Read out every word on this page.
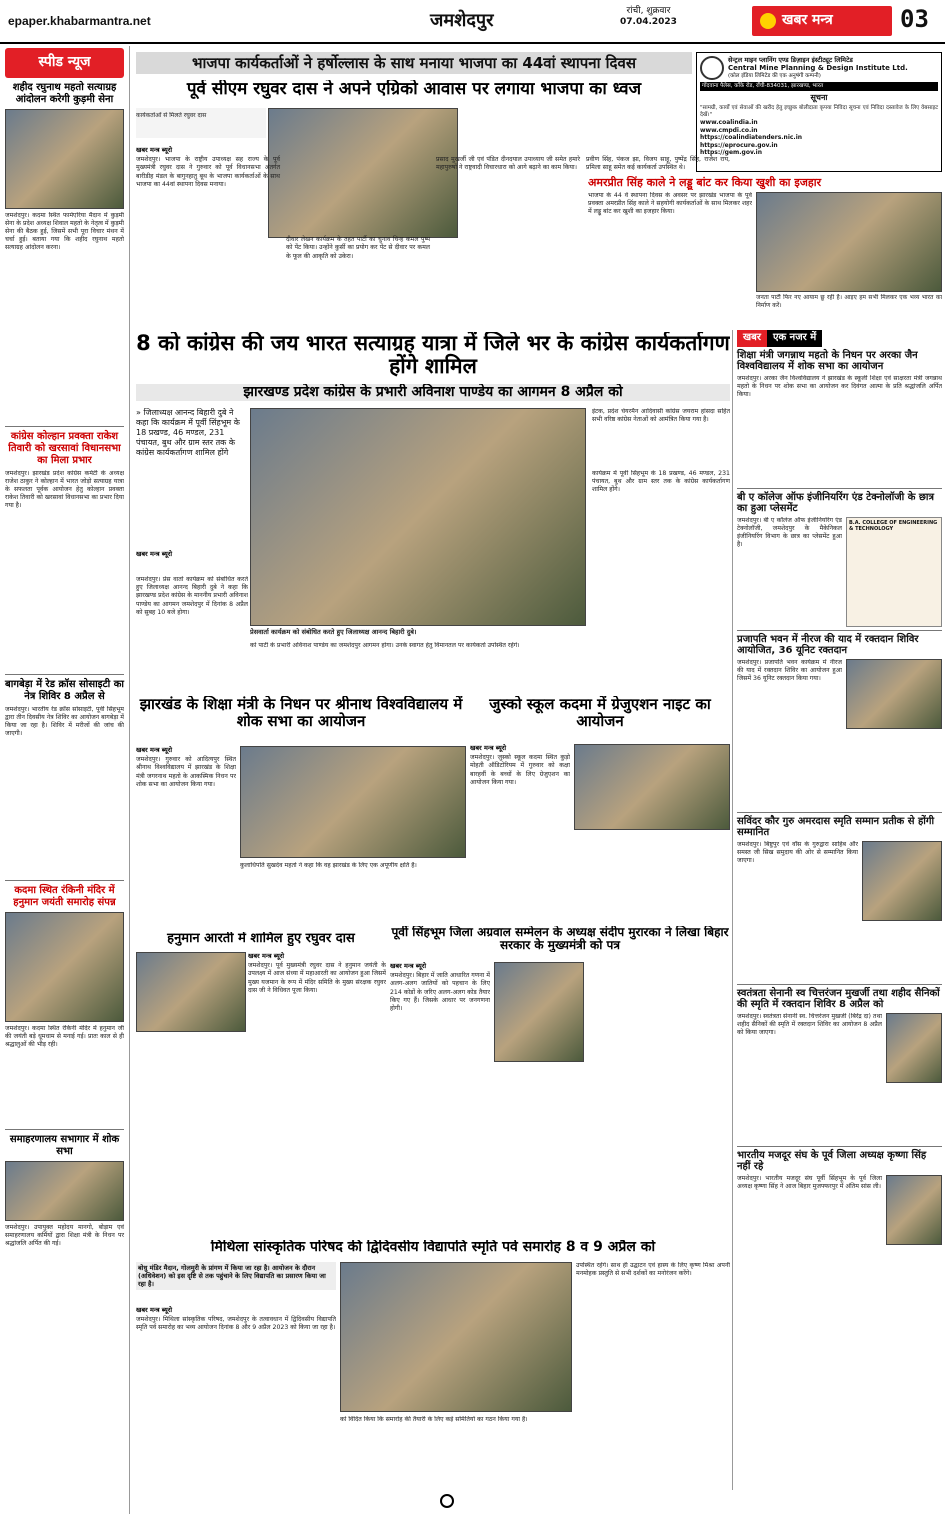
epaper.khabarmantra.net	जमशेदपुर	रांची, शुक्रवार
07.04.2023	खबर मन्त्र	03
स्पीड न्यूज
शहीद रघुनाथ महतो सत्याग्रह आंदोलन करेगी कुड़मी सेना
जमशेदपुर। कदमा स्थित फार्मएरिया मैदान में कुड़मी सेना के प्रदेश अध्यक्ष शिवाल महतो के नेतृत्व में कुड़मी सेना की बैठक हुई, जिसमें सभी पूरा विचार मंथन में चर्चा हुई। बताया गया कि शहीद रघुनाथ महतो सत्याग्रह आंदोलन करना।
कांग्रेस कोल्हान प्रवक्ता राकेश तिवारी को खरसावां विधानसभा का मिला प्रभार
जमशेदपुर। झारखंड प्रदेश कांग्रेस कमेटी के अध्यक्ष राजेश ठाकुर ने कोल्हान में भारत जोड़ो सत्याग्रह यात्रा के सफलता पूर्वक आयोजन हेतु कोल्हान प्रवक्ता राकेश तिवारी को खरसावां विधानसभा का प्रभार दिया गया है।
बागबेड़ा में रेड क्रॉस सोसाइटी का नेत्र शिविर 8 अप्रैल से
जमशेदपुर। भारतीय रेड क्रॉस सोसाइटी, पूर्वी सिंहभूम द्वारा तीन दिवसीय नेत्र शिविर का आयोजन बागबेड़ा में किया जा रहा है। शिविर में मरीजों की जांच की जाएगी।
कदमा स्थित रंकिनी मंदिर में हनुमान जयंती समारोह संपन्न
जमशेदपुर। कदमा स्थित रंकिनी मंदिर में हनुमान जी की जयंती बड़े धूमधाम से मनाई गई। प्रातः काल से ही श्रद्धालुओं की भीड़ रही।
समाहरणालय सभागार में शोक सभा
जमशेदपुर। उपायुक्त महोदय मानगो, बोड़ाम एवं समाहरणालय कर्मियों द्वारा शिक्षा मंत्री के निधन पर श्रद्धांजलि अर्पित की गई।
भाजपा कार्यकर्ताओं ने हर्षोल्लास के साथ मनाया भाजपा का 44वां स्थापना दिवस
पूर्व सीएम रघुवर दास ने अपने एग्रिको आवास पर लगाया भाजपा का ध्वज
कार्यकर्ताओं से मिलते रघुवर दास
खबर मन्त्र ब्यूरो
जमशेदपुर। भाजपा के राष्ट्रीय उपाध्यक्ष सह राज्य के पूर्व मुख्यमंत्री रघुवर दास ने गुरुवार को पूर्व विधानसभा अंतर्गत बारीडीह मंडल के बागुनहातु बूथ के भाजपा कार्यकर्ताओं के साथ भाजपा का 44वां स्थापना दिवस मनाया।
दीवार लेखन कार्यक्रम के तहत पार्टी का चुनाव चिन्ह कमल पुष्प को पेंट किया। उन्होंने कुर्सी का प्रयोग कर पेंट से दीवार पर कमल के फूल की आकृति को उकेरा।
प्रसाद मुखर्जी जी एवं पंडित दीनदयाल उपाध्याय जी समेत हमारे महापुरुषों ने राष्ट्रवादी विचारधारा को आगे बढ़ाने का काम किया।
प्रवीण सिंह, पंकज झा, विजय साहू, पुष्पेंद्र सिंह, राजेश राय, प्रमिला साहू समेत कई कार्यकर्ता उपस्थित थे।
सेन्ट्रल माइन प्लानिंग एण्ड डिज़ाइन इंस्टीट्यूट लिमिटेड
Central Mine Planning & Design Institute Ltd.
(कोल इंडिया लिमिटेड की एक अनुषंगी कम्पनी)
गोंदवाना पैलेस, काँके रोड, राँची-834031, झारखण्ड, भारत
सूचना
"सामग्री, कार्यों एवं सेवाओं की खरीद हेतु इच्छुक बोलीदाता कृपया निविदा सूचना एवं निविदा दस्तावेज के लिए वेबसाइट देखें।"
www.coalindia.in
www.cmpdi.co.in
https://coalindiatenders.nic.in
https://eprocure.gov.in
https://gem.gov.in
अमरप्रीत सिंह काले ने लड्डू बांट कर किया खुशी का इजहार
भाजपा के 44 वें स्थापना दिवस के अवसर पर झारखंड भाजपा के पूर्व प्रवक्ता अमरप्रीत सिंह काले ने सहयोगी कार्यकर्ताओं के साथ मिलकर शहर में लड्डू बांट कर खुशी का इजहार किया।
जनता पार्टी फिर नए आयाम छू रही है। आइए हम सभी मिलकर एक भव्य भारत का निर्माण करें।
8 को कांग्रेस की जय भारत सत्याग्रह यात्रा में जिले भर के कांग्रेस कार्यकर्तागण होंगे शामिल
झारखण्ड प्रदेश कांग्रेस के प्रभारी अविनाश पाण्डेय का आगमन 8 अप्रैल को
» जिलाध्यक्ष आनन्द बिहारी दुबे ने कहा कि कार्यक्रम में पूर्वी सिंहभूम के 18 प्रखण्ड, 46 मण्डल, 231 पंचायत, बुथ और ग्राम स्तर तक के कांग्रेस कार्यकर्तागण शामिल होंगे
प्रेसवार्ता कार्यक्रम को संबोधित करते हुए जिलाध्यक्ष आनन्द बिहारी दुबे।
खबर मन्त्र ब्यूरो
जमशेदपुर। प्रेस वार्ता कार्यक्रम को संबोधित करते हुए जिलाध्यक्ष आनन्द बिहारी दुबे ने कहा कि झारखण्ड प्रदेश कांग्रेस के माननीय प्रभारी अविनाश पाण्डेय का आगमन जमशेदपुर में दिनांक 8 अप्रैल को सुबह 10 बजे होगा।
को पार्टी के प्रभारी अविनाश पाण्डेय का जमशेदपुर आगमन होगा। उनके स्वागत हेतु विमानतल पर कार्यकर्ता उपस्थित रहेंगे।
इंटक, प्रदेश चेयरमैन आदिवासी कांग्रेस जयराम हांसदा सहित सभी वरिष्ठ कांग्रेस नेताओं को आमंत्रित किया गया है।
कार्यक्रम में पूर्वी सिंहभूम के 18 प्रखण्ड, 46 मण्डल, 231 पंचायत, बुथ और ग्राम स्तर तक के कांग्रेस कार्यकर्तागण शामिल होंगे।
झारखंड के शिक्षा मंत्री के निधन पर श्रीनाथ विश्वविद्यालय में शोक सभा का आयोजन
खबर मन्त्र ब्यूरो
जमशेदपुर। गुरुवार को आदित्यपुर स्थित श्रीनाथ विश्वविद्यालय में झारखंड के शिक्षा मंत्री जगरनाथ महतो के आकस्मिक निधन पर शोक सभा का आयोजन किया गया।
कुलाधिपति सुखदेव महतो ने कहा कि वह झारखंड के लिए एक अपूर्णीय क्षति है।
जुस्को स्कूल कदमा में ग्रेजुएशन नाइट का आयोजन
खबर मन्त्र ब्यूरो
जमशेदपुर। जुस्को स्कूल कदमा स्थित कुड़ो मोहती ऑडिटोरियम में गुरुवार को कक्षा बारहवीं के बच्चों के लिए ग्रेजुएशन का आयोजन किया गया।
हनुमान आरती में शामिल हुए रघुवर दास
खबर मन्त्र ब्यूरो
जमशेदपुर। पूर्व मुख्यमंत्री रघुवर दास ने हनुमान जयंती के उपलक्ष्य में आज संध्या में महाआरती का आयोजन हुआ जिसमें मुख्य यजमान के रूप में मंदिर समिति के मुख्य संरक्षक रघुवर दास जी ने विधिवत पूजा किया।
पूर्वी सिंहभूम जिला अग्रवाल सम्मेलन के अध्यक्ष संदीप मुरारका ने लिखा बिहार सरकार के मुख्यमंत्री को पत्र
खबर मन्त्र ब्यूरो
जमशेदपुर। बिहार में जाति आधारित गणना में अलग-अलग जातियों को पहचान के लिए 214 कोडों के जरिए अलग-अलग कोड तैयार किए गए हैं। जिसके आधार पर जनगणना होगी।
मिथिला सांस्कृतिक परिषद की द्विदिवसीय विद्यापति स्मृति पर्व समारोह 8 व 9 अप्रैल को
बोधु मंडिर मैदान, गोलमुरी के प्रांगण में किया जा रहा है। आयोजन के दौरान (अधिवेशन) को इस दृष्टि से तक पहुंचाने के लिए विद्यापति का प्रसारण किया जा रहा है।
खबर मन्त्र ब्यूरो
जमशेदपुर। मिथिला सांस्कृतिक परिषद, जमशेदपुर के तत्वावधान में द्विदिवसीय विद्यापति स्मृति पर्व समारोह का भव्य आयोजन दिनांक 8 और 9 अप्रैल 2023 को किया जा रहा है।
उपस्थित रहेंगे। साथ ही उद्घाटन एवं हास्य के लिए कृष्ण मिश्रा अपनी मनमोहक प्रस्तुति से सभी दर्शकों का मनोरंजन करेंगे।
को विदित किया कि समारोह की तैयारी के लिए कई समितियों का गठन किया गया है।
खबर एक नजर में
शिक्षा मंत्री जगन्नाथ महतो के निधन पर अरका जैन विश्वविद्यालय में शोक सभा का आयोजन
जमशेदपुर। अरका जैन विश्वविद्यालय ने झारखंड के स्कूली शिक्षा एवं साक्षरता मंत्री जगन्नाथ महतो के निधन पर शोक सभा का आयोजन कर दिवंगत आत्मा के प्रति श्रद्धांजलि अर्पित किया।
बी ए कॉलेज ऑफ इंजीनियरिंग एंड टेक्नोलॉजी के छात्र का हुआ प्लेसमेंट
जमशेदपुर। बी ए कॉलेज ऑफ इंजीनियरिंग एंड टेक्नोलॉजी, जमशेदपुर के मैकेनिकल इंजीनियरिंग विभाग के छात्र का प्लेसमेंट हुआ है।
B.A. COLLEGE OF ENGINEERING & TECHNOLOGY
प्रजापति भवन में नीरज की याद में रक्तदान शिविर आयोजित, 36 यूनिट रक्तदान
जमशेदपुर। प्रजापति भवन कार्यक्रम में नीरज की याद में रक्तदान शिविर का आयोजन हुआ जिसमें 36 यूनिट रक्तदान किया गया।
सविंदर कौर गुरु अमरदास स्मृति सम्मान प्रतीक से होंगी सम्मानित
जमशेदपुर। बिष्टुपुर एवं वाँस के गुरुद्वारा साहिब और समस्त जी सिख समुदाय की ओर से सम्मानित किया जाएगा।
स्वतंत्रता सेनानी स्व चित्तरंजन मुखर्जी तथा शहीद सैनिकों की स्मृति में रक्तदान शिविर 8 अप्रैल को
जमशेदपुर। स्वतंत्रता सेनानी स्व. चित्तरंजन मुखर्जी (बिरेंद्र दा) तथा शहीद सैनिकों की स्मृति में रक्तदान शिविर का आयोजन 8 अप्रैल को किया जाएगा।
भारतीय मजदूर संघ के पूर्व जिला अध्यक्ष कृष्णा सिंह नहीं रहे
जमशेदपुर। भारतीय मजदूर संघ पूर्वी सिंहभूम के पूर्व जिला अध्यक्ष कृष्णा सिंह ने आज बिहार मुजफ्फरपुर में अंतिम सांस ली।
